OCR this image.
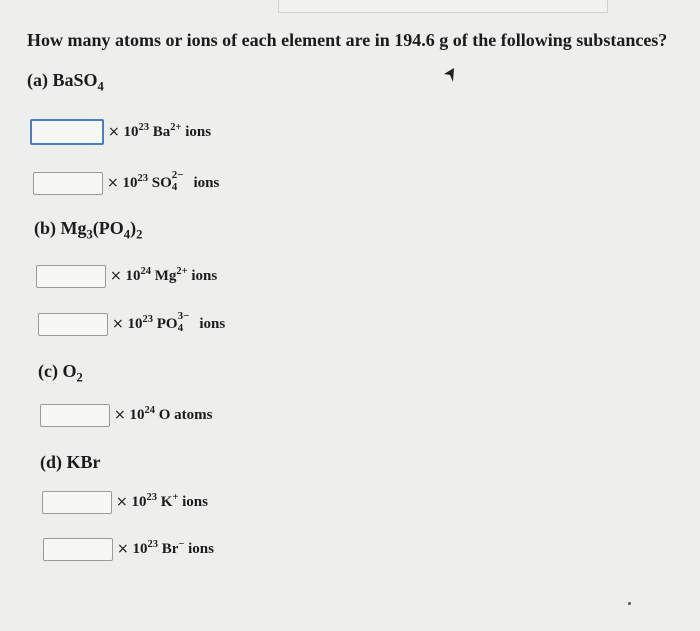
How many atoms or ions of each element are in 194.6 g of the following substances?
(a) BaSO$_4$
× $10^{23}$ $Ba^{2+}$ ions
× $10^{23}$ SO 2−
4 ions
(b) $Mg_3(PO_4)_2$
× $10^{24}$ $Mg^{2+}$ ions
× $10^{23}$ PO 3−
4 ions
(c) $O_2$
× $10^{24}$ O atoms
(d) KBr
× $10^{23}$ K+ ions
× $10^{23}$ Br− ions
